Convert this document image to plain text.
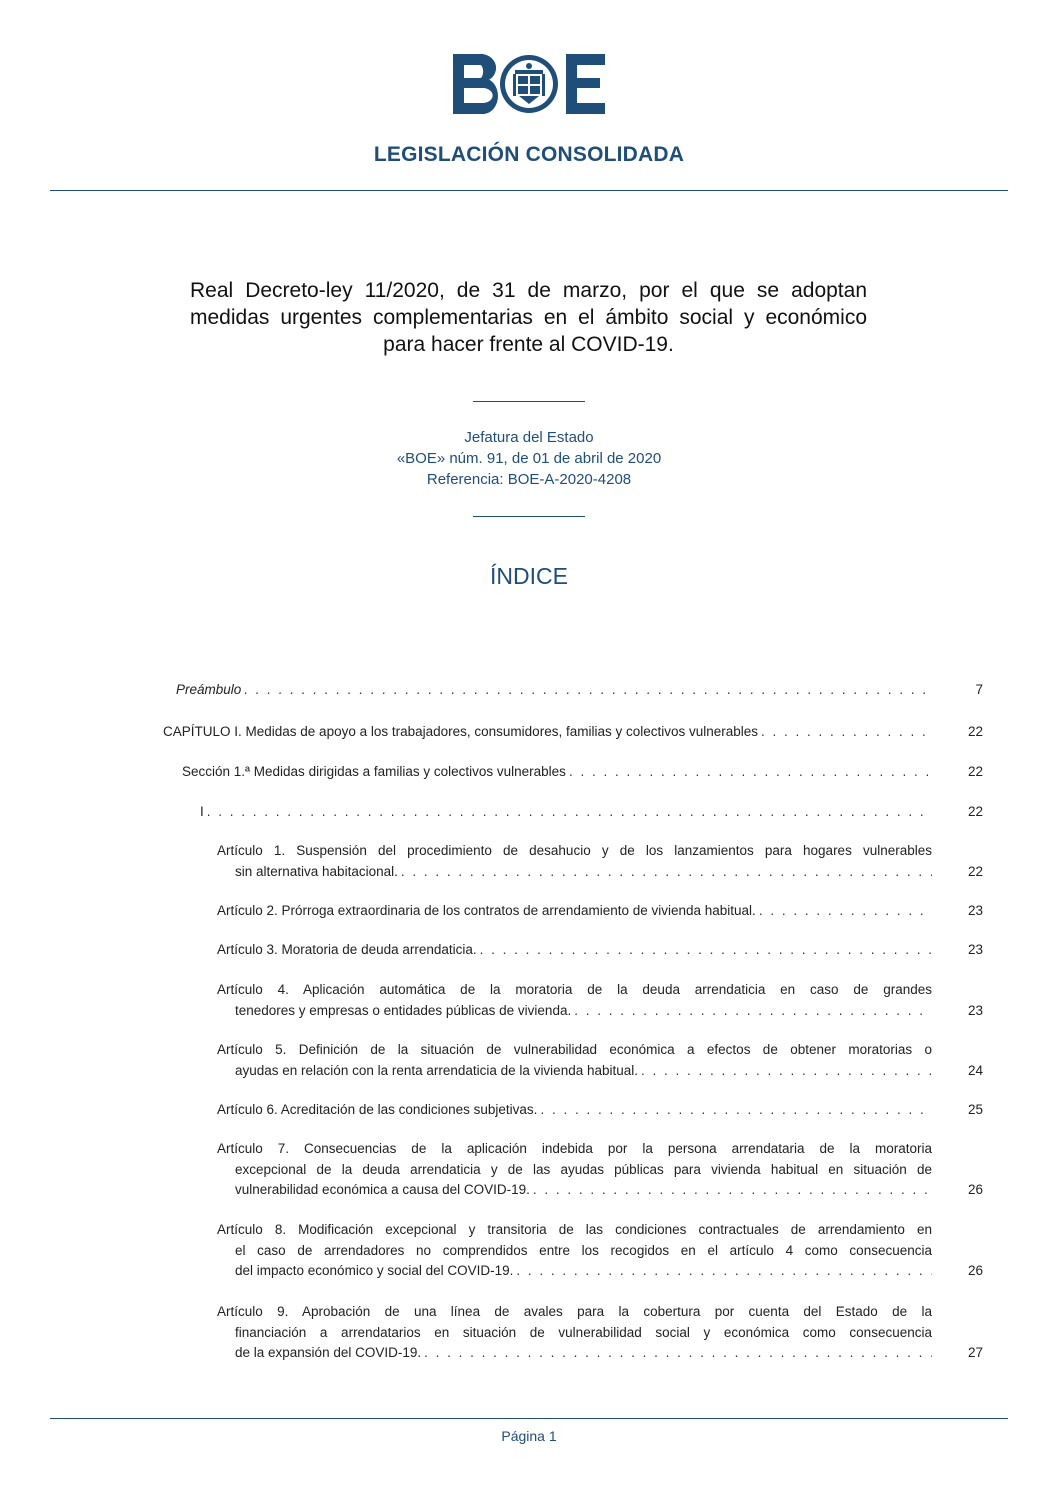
LEGISLACIÓN CONSOLIDADA
Real Decreto-ley 11/2020, de 31 de marzo, por el que se adoptan medidas urgentes complementarias en el ámbito social y económico para hacer frente al COVID-19.
Jefatura del Estado
«BOE» núm. 91, de 01 de abril de 2020
Referencia: BOE-A-2020-4208
ÍNDICE
Preámbulo . . .	7
CAPÍTULO I. Medidas de apoyo a los trabajadores, consumidores, familias y colectivos vulnerables . . .	22
Sección 1.ª Medidas dirigidas a familias y colectivos vulnerables . . .	22
I . . .	22
Artículo 1. Suspensión del procedimiento de desahucio y de los lanzamientos para hogares vulnerables
sin alternativa habitacional. . . .	22
Artículo 2. Prórroga extraordinaria de los contratos de arrendamiento de vivienda habitual. . . .	23
Artículo 3. Moratoria de deuda arrendaticia. . . .	23
Artículo 4. Aplicación automática de la moratoria de la deuda arrendaticia en caso de grandes
tenedores y empresas o entidades públicas de vivienda. . . .	23
Artículo 5. Definición de la situación de vulnerabilidad económica a efectos de obtener moratorias o
ayudas en relación con la renta arrendaticia de la vivienda habitual. . . .	24
Artículo 6. Acreditación de las condiciones subjetivas. . . .	25
Artículo 7. Consecuencias de la aplicación indebida por la persona arrendataria de la moratoria
excepcional de la deuda arrendaticia y de las ayudas públicas para vivienda habitual en situación de
vulnerabilidad económica a causa del COVID-19. . . .	26
Artículo 8. Modificación excepcional y transitoria de las condiciones contractuales de arrendamiento en
el caso de arrendadores no comprendidos entre los recogidos en el artículo 4 como consecuencia
del impacto económico y social del COVID-19. . . .	26
Artículo 9. Aprobación de una línea de avales para la cobertura por cuenta del Estado de la
financiación a arrendatarios en situación de vulnerabilidad social y económica como consecuencia
de la expansión del COVID-19. . . .	27
Página 1
